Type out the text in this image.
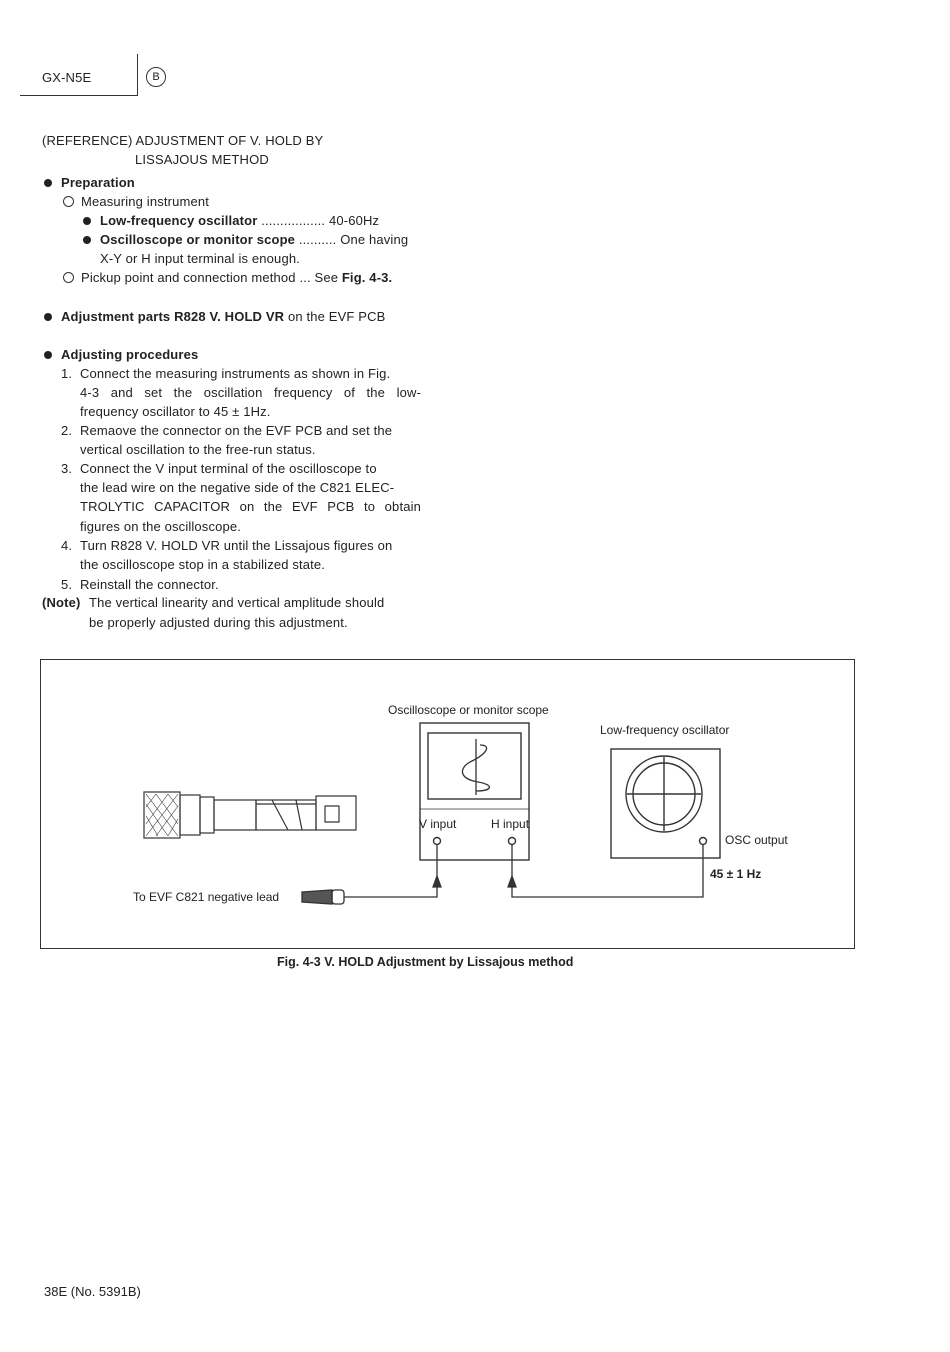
GX-N5E	B
(REFERENCE) ADJUSTMENT OF V. HOLD BY
LISSAJOUS METHOD
Preparation
Measuring instrument
Low-frequency oscillator ................. 40-60Hz
Oscilloscope or monitor scope .......... One having
X-Y or H input terminal is enough.
Pickup point and connection method ... See Fig. 4-3.
Adjustment parts R828 V. HOLD VR on the EVF PCB
Adjusting procedures
1. Connect the measuring instruments as shown in Fig.
4-3 and set the oscillation frequency of the low-
frequency oscillator to 45 ± 1Hz.
2. Remaove the connector on the EVF PCB and set the
vertical oscillation to the free-run status.
3. Connect the V input terminal of the oscilloscope to
the lead wire on the negative side of the C821 ELEC-
TROLYTIC CAPACITOR on the EVF PCB to obtain
figures on the oscilloscope.
4. Turn R828 V. HOLD VR until the Lissajous figures on
the oscilloscope stop in a stabilized state.
5. Reinstall the connector.
(Note) The vertical linearity and vertical amplitude should
be properly adjusted during this adjustment.
Oscilloscope or monitor scope
Low-frequency oscillator
V input	H input
OSC output
45 ± 1 Hz
To EVF C821 negative lead
Fig. 4-3 V. HOLD Adjustment by Lissajous method
38E (No. 5391B)
